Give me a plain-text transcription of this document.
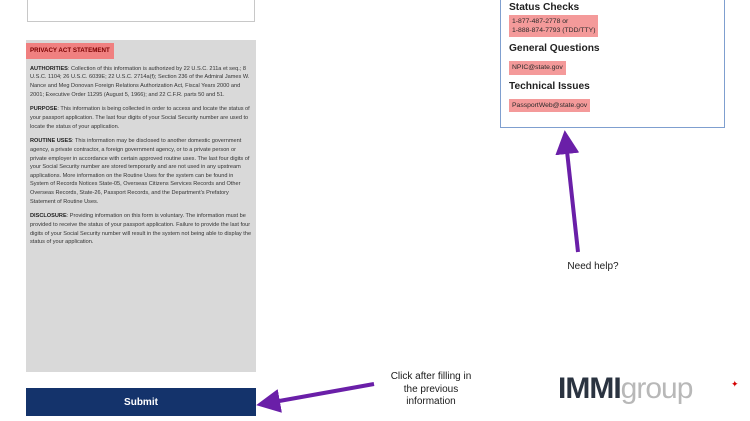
PRIVACY ACT STATEMENT

AUTHORITIES: Collection of this information is authorized by 22 U.S.C. 211a et seq.; 8 U.S.C. 1104; 26 U.S.C. 6039E; 22 U.S.C. 2714a(f); Section 236 of the Admiral James W. Nance and Meg Donovan Foreign Relations Authorization Act, Fiscal Years 2000 and 2001; Executive Order 11295 (August 5, 1966); and 22 C.F.R. parts 50 and 51.

PURPOSE: This information is being collected in order to access and locate the status of your passport application. The last four digits of your Social Security number are used to locate the status of your application.

ROUTINE USES: This information may be disclosed to another domestic government agency, a private contractor, a foreign government agency, or to a private person or private employer in accordance with certain approved routine uses. The last four digits of your Social Security number are stored temporarily and are not used in any upstream applications. More information on the Routine Uses for the system can be found in System of Records Notices State-05, Overseas Citizens Services Records and Other Overseas Records, State-26, Passport Records, and the Department's Prefatory Statement of Routine Uses.

DISCLOSURE: Providing information on this form is voluntary. The information must be provided to receive the status of your passport application. Failure to provide the last four digits of your Social Security number will result in the system not being able to display the status of your application.

Submit
Status Checks
1-877-487-2778 or
1-888-874-7793 (TDD/TTY)
General Questions
NPIC@state.gov
Technical Issues
PassportWeb@state.gov
Need help?
Click after filling in
the previous
information	IMMIgroup	✦
